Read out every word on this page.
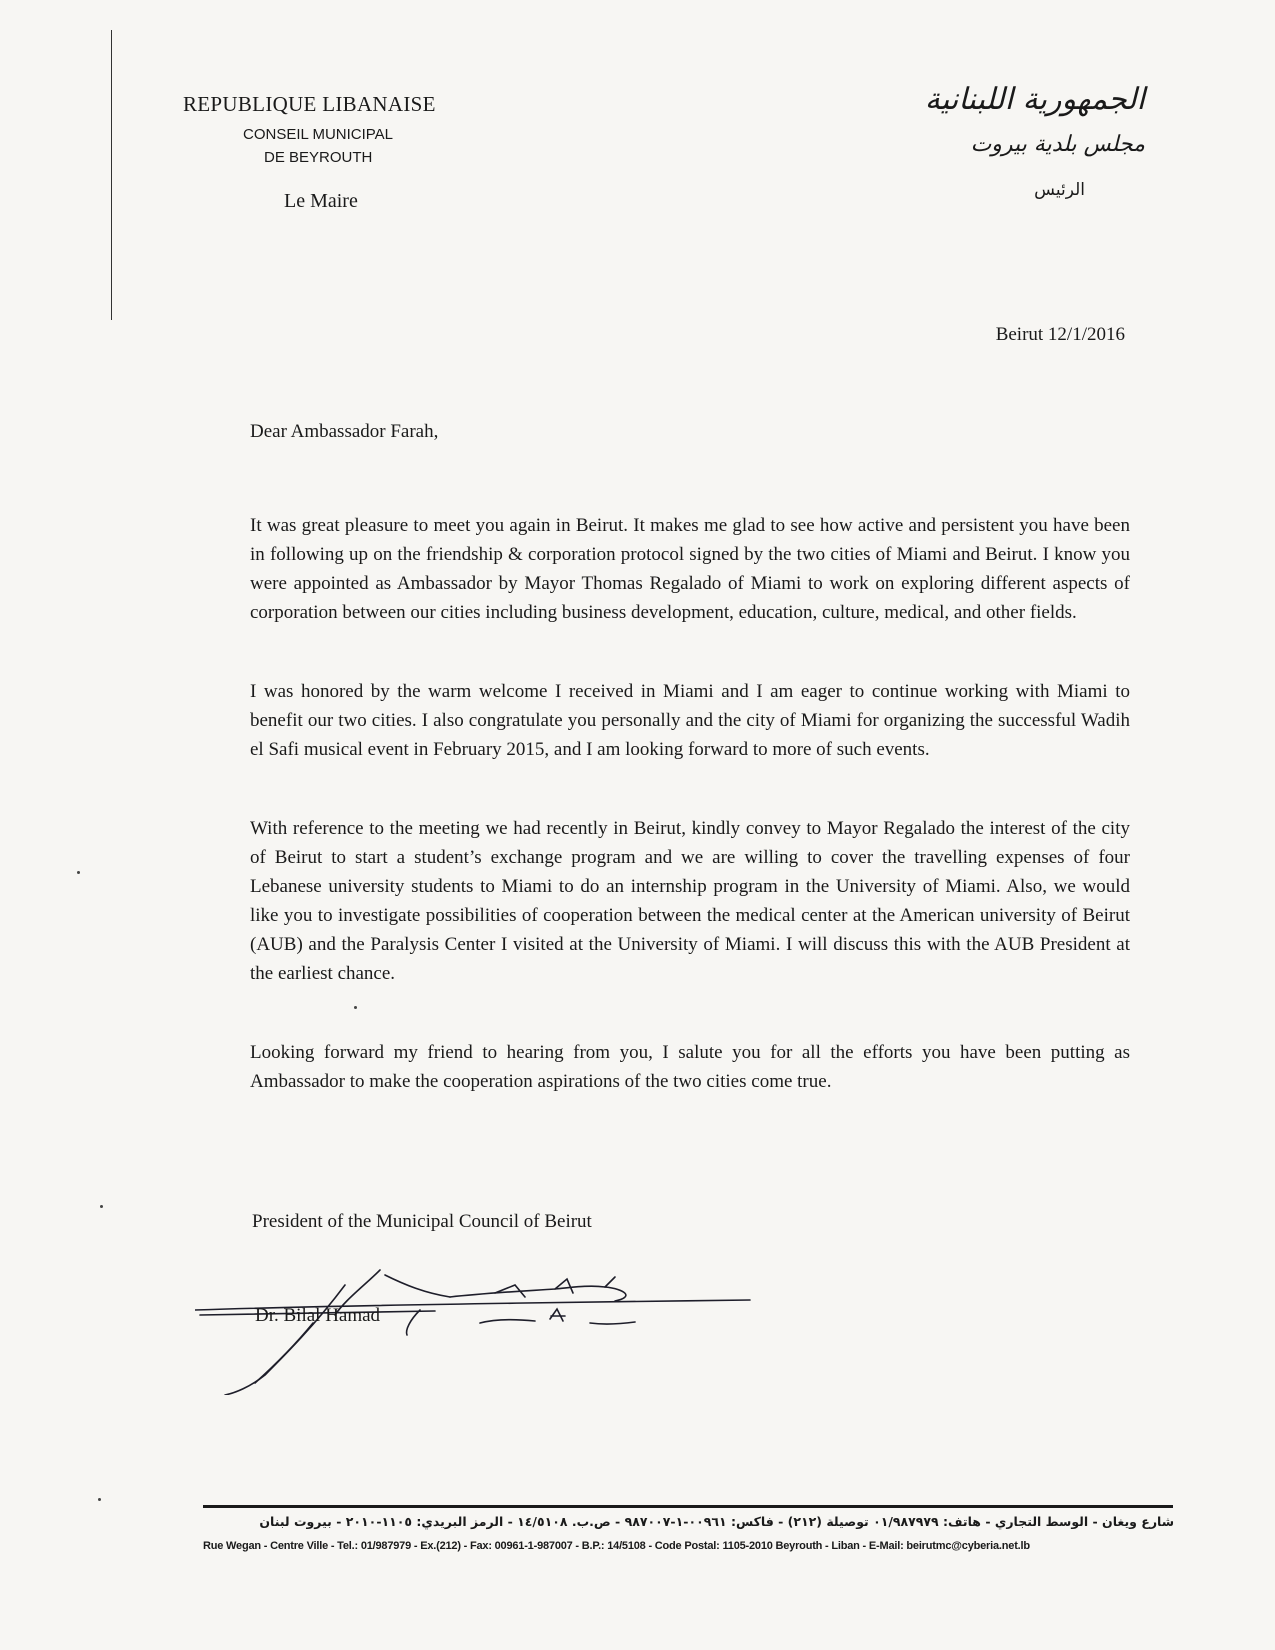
REPUBLIQUE LIBANAISE
CONSEIL MUNICIPAL
DE BEYROUTH
Le Maire
الجمهورية اللبنانية
مجلس بلدية بيروت
الرئيس
Beirut 12/1/2016
Dear Ambassador Farah,

It was great pleasure to meet you again in Beirut. It makes me glad to see how active and persistent you have been in following up on the friendship & corporation protocol signed by the two cities of Miami and Beirut. I know you were appointed as Ambassador by Mayor Thomas Regalado of Miami to work on exploring different aspects of corporation between our cities including business development, education, culture, medical, and other fields.

I was honored by the warm welcome I received in Miami and I am eager to continue working with Miami to benefit our two cities. I also congratulate you personally and the city of Miami for organizing the successful Wadih el Safi musical event in February 2015, and I am looking forward to more of such events.

With reference to the meeting we had recently in Beirut, kindly convey to Mayor Regalado the interest of the city of Beirut to start a student’s exchange program and we are willing to cover the travelling expenses of four Lebanese university students to Miami to do an internship program in the University of Miami. Also, we would like you to investigate possibilities of cooperation between the medical center at the American university of Beirut (AUB) and the Paralysis Center I visited at the University of Miami. I will discuss this with the AUB President at the earliest chance.

Looking forward my friend to hearing from you, I salute you for all the efforts you have been putting as Ambassador to make the cooperation aspirations of the two cities come true.

President of the Municipal Council of Beirut
Dr. Bilal Hamad
شارع ويغان - الوسط التجاري - هاتف: ٠١/٩٨٧٩٧٩ توصيلة (٢١٢) - فاكس: ٠٠٩٦١-١-٩٨٧٠٠٧ - ص.ب. ١٤/٥١٠٨ - الرمز البريدي: ١١٠٥-٢٠١٠ - بيروت لبنان
Rue Wegan - Centre Ville - Tel.: 01/987979 - Ex.(212) - Fax: 00961-1-987007 - B.P.: 14/5108 - Code Postal: 1105-2010 Beyrouth - Liban - E-Mail: beirutmc@cyberia.net.lb
